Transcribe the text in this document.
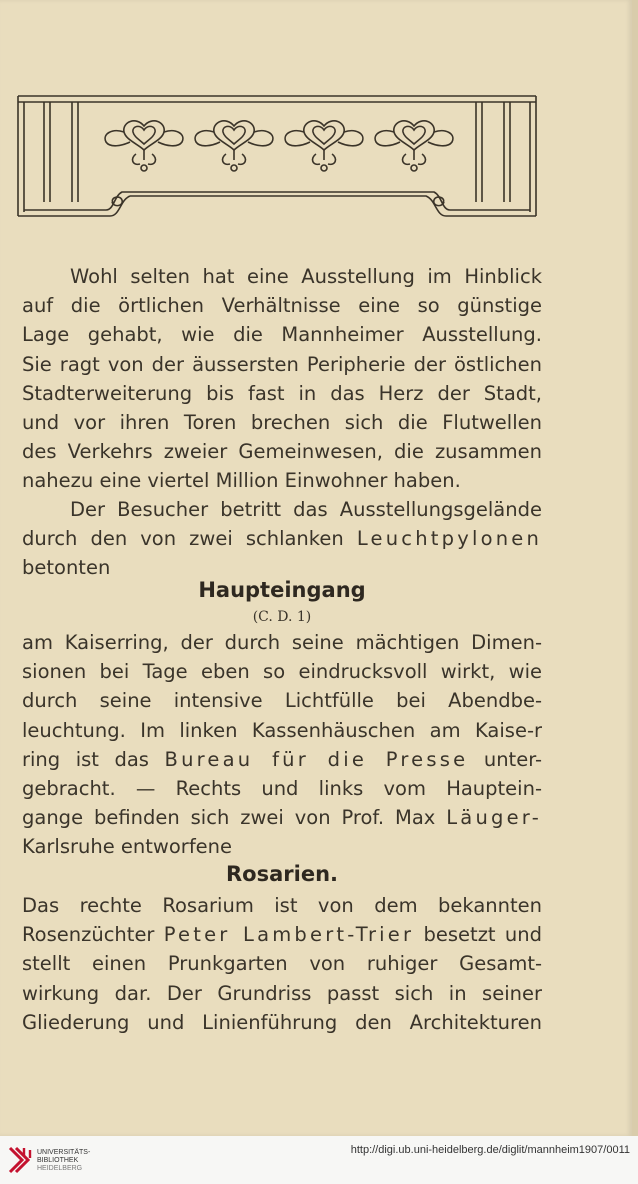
Wohl selten hat eine Ausstellung im Hinblick
auf die örtlichen Verhältnisse eine so günstige
Lage gehabt, wie die Mannheimer Ausstellung.
Sie ragt von der äussersten Peripherie der östlichen
Stadterweiterung bis fast in das Herz der Stadt,
und vor ihren Toren brechen sich die Flutwellen
des Verkehrs zweier Gemeinwesen, die zusammen
nahezu eine viertel Million Einwohner haben.
Der Besucher betritt das Ausstellungsgelände
durch den von zwei schlanken Leuchtpylonen
betonten
Haupteingang
(C. D. 1)
am Kaiserring, der durch seine mächtigen Dimen-
sionen bei Tage eben so eindrucksvoll wirkt, wie
durch seine intensive Lichtfülle bei Abendbe-
leuchtung. Im linken Kassenhäuschen am Kaise-r
ring ist das Bureau für die Presse unter-
gebracht. — Rechts und links vom Hauptein-
gange befinden sich zwei von Prof. Max Läuger-
Karlsruhe entworfene
Rosarien.
Das rechte Rosarium ist von dem bekannten
Rosenzüchter Peter Lambert-Trier besetzt und
stellt einen Prunkgarten von ruhiger Gesamt-
wirkung dar. Der Grundriss passt sich in seiner
Gliederung und Linienführung den Architekturen
UNIVERSITÄTS-
BIBLIOTHEK
HEIDELBERG
http://digi.ub.uni-heidelberg.de/diglit/mannheim1907/0011
